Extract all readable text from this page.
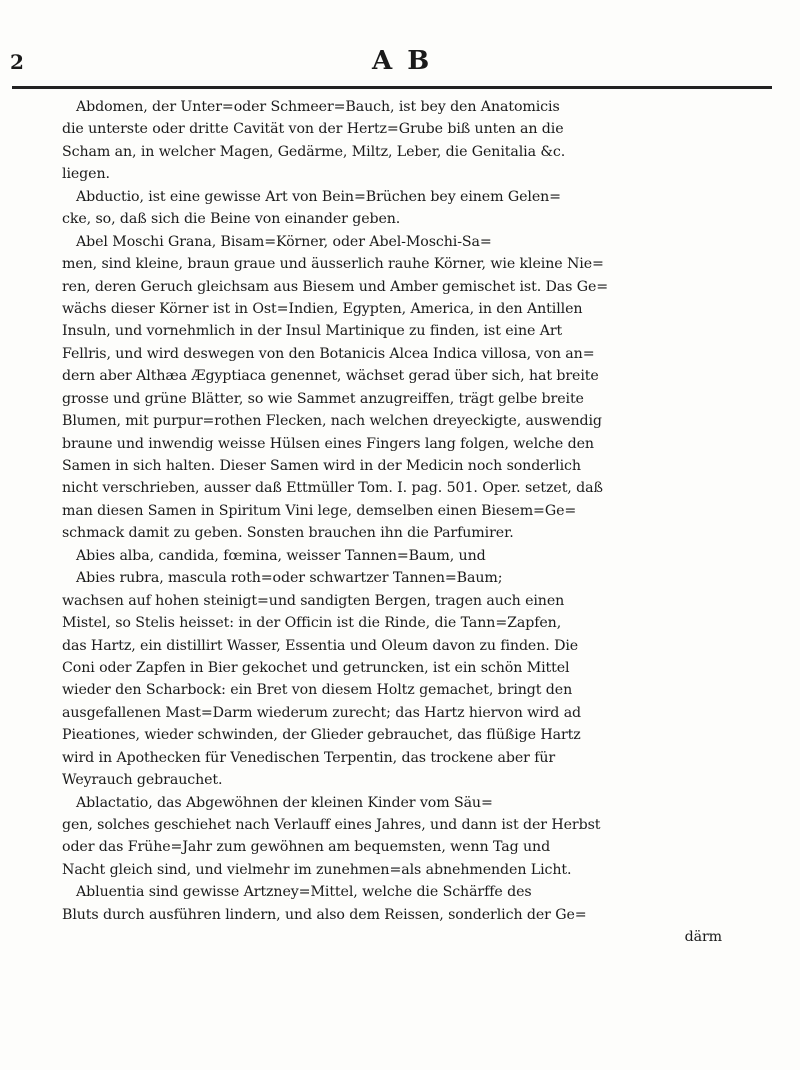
2	A B
Abdomen, der Unter=oder Schmeer=Bauch, ist bey den Anatomicis
die unterste oder dritte Cavität von der Hertz=Grube biß unten an die
Scham an, in welcher Magen, Gedärme, Miltz, Leber, die Genitalia &c.
liegen.
Abductio, ist eine gewisse Art von Bein=Brüchen bey einem Gelen=
cke, so, daß sich die Beine von einander geben.
Abel Moschi Grana, Bisam=Körner, oder Abel-Moschi-Sa=
men, sind kleine, braun graue und äusserlich rauhe Körner, wie kleine Nie=
ren, deren Geruch gleichsam aus Biesem und Amber gemischet ist. Das Ge=
wächs dieser Körner ist in Ost=Indien, Egypten, America, in den Antillen
Insuln, und vornehmlich in der Insul Martinique zu finden, ist eine Art
Fellris, und wird deswegen von den Botanicis Alcea Indica villosa, von an=
dern aber Althæa Ægyptiaca genennet, wächset gerad über sich, hat breite
grosse und grüne Blätter, so wie Sammet anzugreiffen, trägt gelbe breite
Blumen, mit purpur=rothen Flecken, nach welchen dreyeckigte, auswendig
braune und inwendig weisse Hülsen eines Fingers lang folgen, welche den
Samen in sich halten. Dieser Samen wird in der Medicin noch sonderlich
nicht verschrieben, ausser daß Ettmüller Tom. I. pag. 501. Oper. setzet, daß
man diesen Samen in Spiritum Vini lege, demselben einen Biesem=Ge=
schmack damit zu geben. Sonsten brauchen ihn die Parfumirer.
Abies alba, candida, fœmina, weisser Tannen=Baum, und
Abies rubra, mascula roth=oder schwartzer Tannen=Baum;
wachsen auf hohen steinigt=und sandigten Bergen, tragen auch einen
Mistel, so Stelis heisset: in der Officin ist die Rinde, die Tann=Zapfen,
das Hartz, ein distillirt Wasser, Essentia und Oleum davon zu finden. Die
Coni oder Zapfen in Bier gekochet und getruncken, ist ein schön Mittel
wieder den Scharbock: ein Bret von diesem Holtz gemachet, bringt den
ausgefallenen Mast=Darm wiederum zurecht; das Hartz hiervon wird ad
Pieationes, wieder schwinden, der Glieder gebrauchet, das flüßige Hartz
wird in Apothecken für Venedischen Terpentin, das trockene aber für
Weyrauch gebrauchet.
Ablactatio, das Abgewöhnen der kleinen Kinder vom Säu=
gen, solches geschiehet nach Verlauff eines Jahres, und dann ist der Herbst
oder das Frühe=Jahr zum gewöhnen am bequemsten, wenn Tag und
Nacht gleich sind, und vielmehr im zunehmen=als abnehmenden Licht.
Abluentia sind gewisse Artzney=Mittel, welche die Schärffe des
Bluts durch ausführen lindern, und also dem Reissen, sonderlich der Ge=
därm
